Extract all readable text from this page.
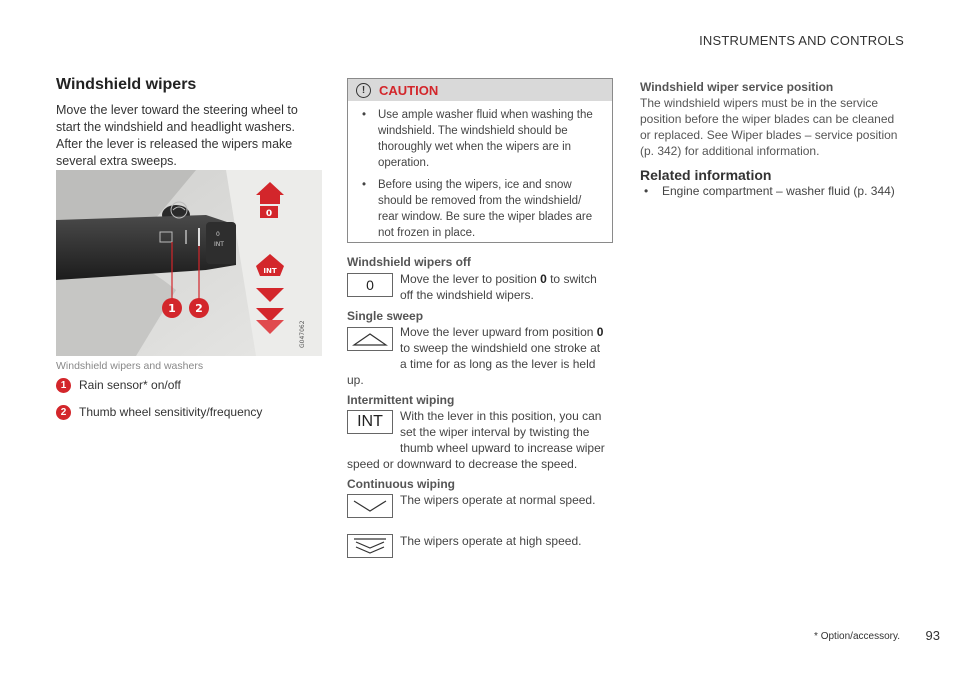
INSTRUMENTS AND CONTROLS
* Option/accessory. 93
Windshield wipers

Move the lever toward the steering wheel to start the windshield and headlight washers. After the lever is released the wipers make several extra sweeps.

0
INT
1 2
0
INT
G047062
Windshield wipers and washers
1	Rain sensor* on/off
2	Thumb wheel sensitivity/frequency
!	CAUTION
• Use ample washer fluid when washing the windshield. The windshield should be thoroughly wet when the wipers are in operation.
• Before using the wipers, ice and snow should be removed from the windshield/ rear window. Be sure the wiper blades are not frozen in place.
Windshield wipers off
0 Move the lever to position 0 to switch off the windshield wipers.
Single sweep
Move the lever upward from position 0 to sweep the windshield one stroke at a time for as long as the lever is held
up.
Intermittent wiping
INT With the lever in this position, you can set the wiper interval by twisting the thumb wheel upward to increase wiper
speed or downward to decrease the speed.
Continuous wiping
The wipers operate at normal speed.
The wipers operate at high speed.
Windshield wiper service position
The windshield wipers must be in the service position before the wiper blades can be cleaned or replaced. See Wiper blades – service position (p. 342) for additional information.
Related information
• Engine compartment – washer fluid (p. 344)
